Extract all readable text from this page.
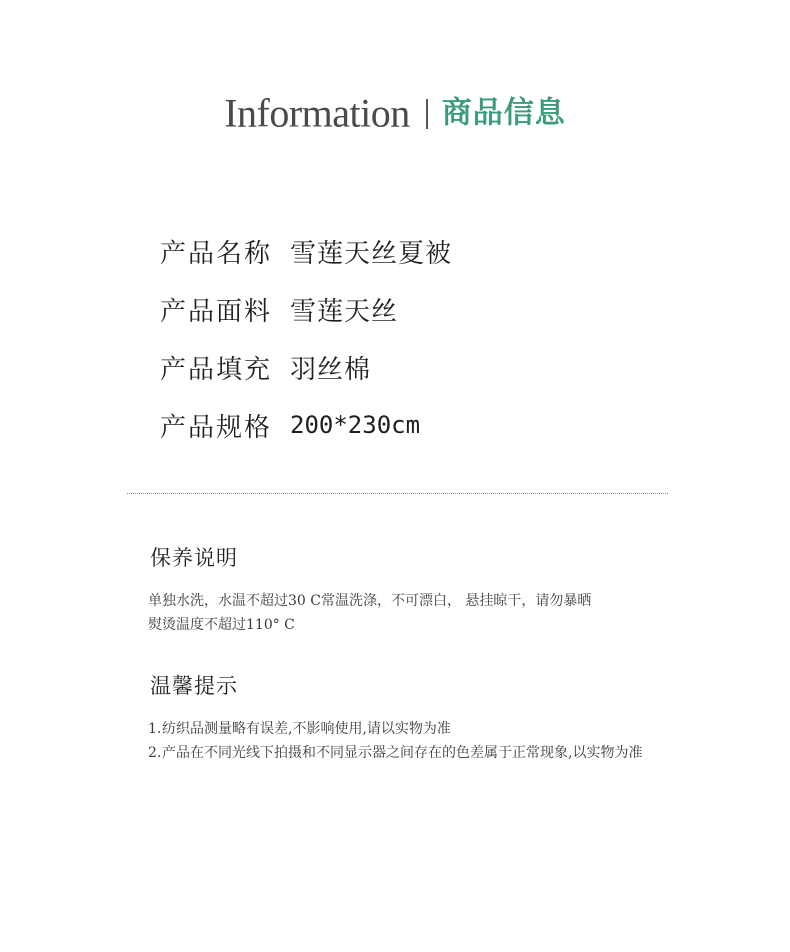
Information 商品信息
产品名称 雪莲天丝夏被
产品面料 雪莲天丝
产品填充 羽丝棉
产品规格 200*230cm
保养说明

单独水洗，水温不超过30 C常温洗涤，不可漂白， 悬挂晾干，请勿暴晒

熨烫温度不超过110° C

温馨提示
1. 纺织品测量略有误差,不影响使用,请以实物为准
2. 产品在不同光线下拍摄和不同显示器之间存在的色差属于正常现象,以实物为准
